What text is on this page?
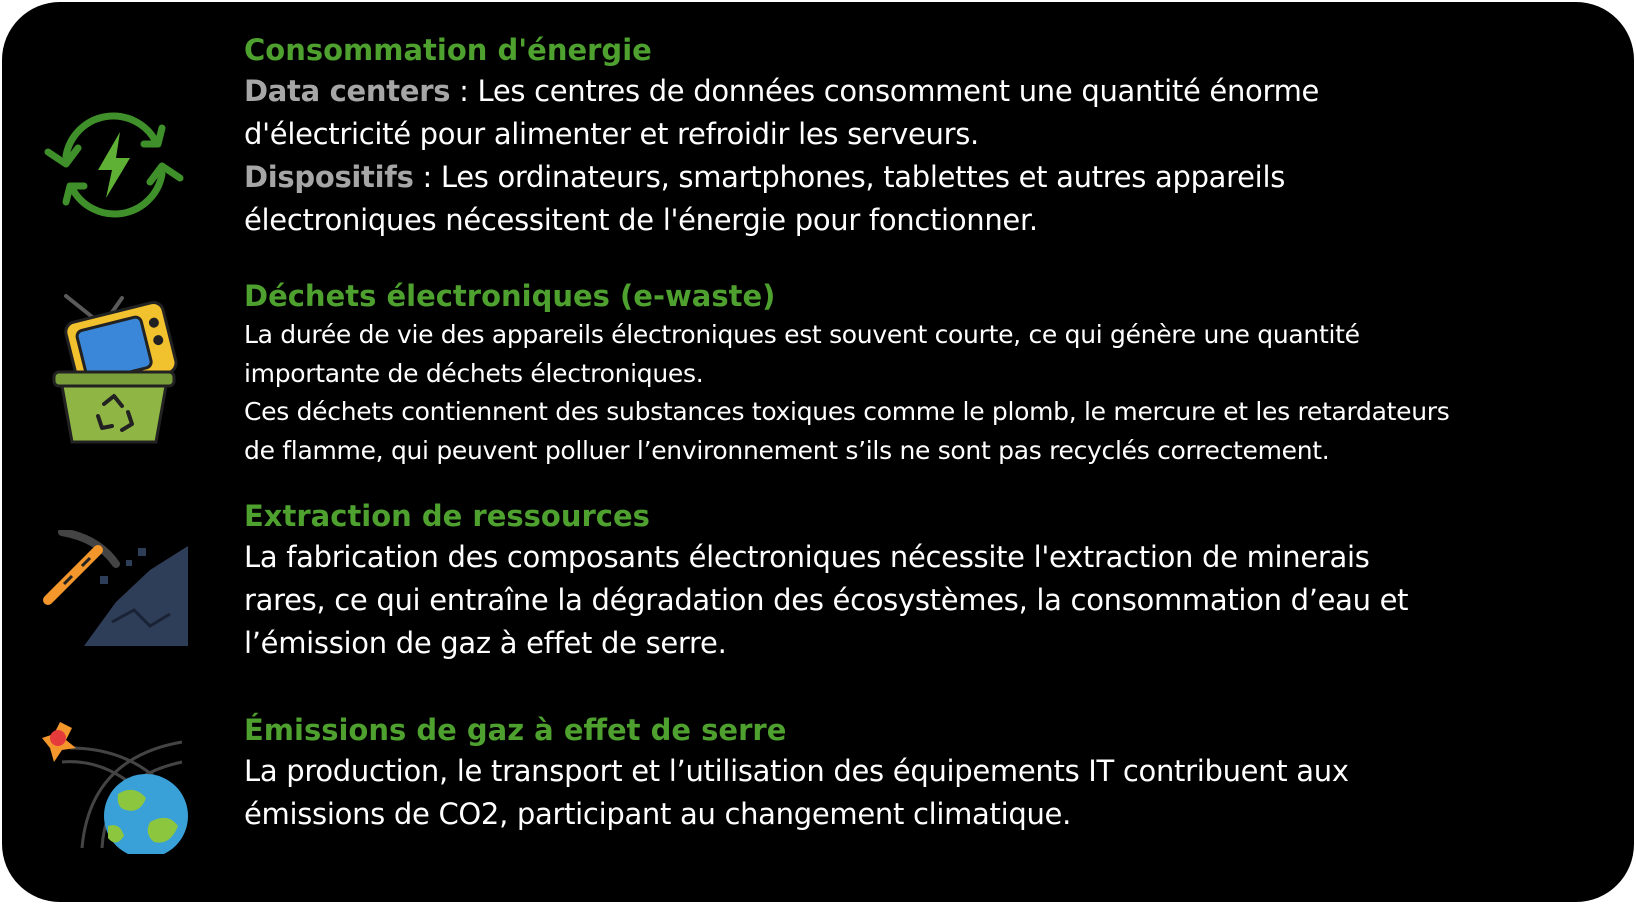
Consommation d'énergie

Data centers : Les centres de données consomment une quantité énorme
d'électricité pour alimenter et refroidir les serveurs.

Dispositifs : Les ordinateurs, smartphones, tablettes et autres appareils
électroniques nécessitent de l'énergie pour fonctionner.

Déchets électroniques (e-waste)

La durée de vie des appareils électroniques est souvent courte, ce qui génère une quantité
importante de déchets électroniques.
Ces déchets contiennent des substances toxiques comme le plomb, le mercure et les retardateurs
de flamme, qui peuvent polluer l’environnement s’ils ne sont pas recyclés correctement.

Extraction de ressources

La fabrication des composants électroniques nécessite l'extraction de minerais
rares, ce qui entraîne la dégradation des écosystèmes, la consommation d’eau et
l’émission de gaz à effet de serre.

Émissions de gaz à effet de serre

La production, le transport et l’utilisation des équipements IT contribuent aux
émissions de CO2, participant au changement climatique.
